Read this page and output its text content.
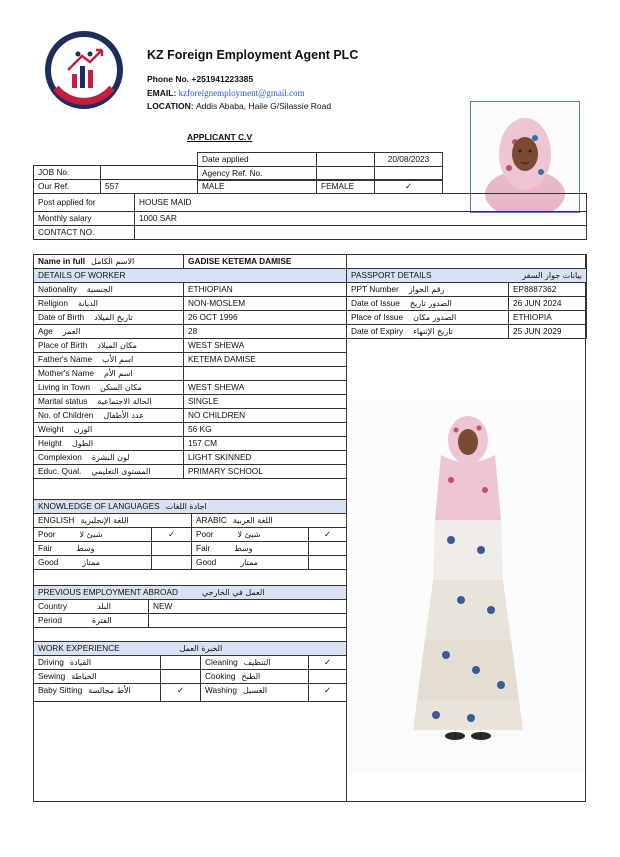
KZ Foreign Employment Agent PLC
Phone No. +251941223385
EMAIL: kzforeignemployment@gmail.com
LOCATION: Addis Ababa, Haile G/Silassie Road
APPLICANT C.V
Date applied		20/08/2023
Agency Ref. No.		
JOB No.				
Our Ref.	557	MALE	FEMALE	✓
Post applied for	HOUSE MAID
Monthly salary	1000 SAR
CONTACT NO.	
Name in full الاسم الكامل	GADISE KETEMA DAMISE
DETAILS OF WORKER	
Nationality الجنسية	ETHIOPIAN
Religion الديانة	NON-MOSLEM
Date of Birth تاريخ الميلاد	26 OCT 1996
Age العمر	28
Place of Birth مكان الميلاد	WEST SHEWA
Father's Name اسم الأب	KETEMA DAMISE
Mother's Name اسم الأم	
Living in Town مكان السكن	WEST SHEWA
Marital status الحالة الاجتماعية	SINGLE
No. of Children عدد الأطفال	NO CHILDREN
Weight الوزن	56 KG
Height الطول	157 CM
Complexion لون البشرة	LIGHT SKINNED
Educ. Qual. المستوى التعليمي	PRIMARY SCHOOL
PASSPORT DETAILS بيانات جواز السفر	

PPT Number رقم الجواز	EP8887362
Date of Issue الصدور تاريخ	26 JUN 2024
Place of Issue الصدور مكان	ETHIOPIA
Date of Expiry تاريخ الإنتهاء	25 JUN 2029
KNOWLEDGE OF LANGUAGES اجادة اللغات			
ENGLISH اللغة الإنجليزية		ARABIC اللغة العربية	
Poor شيئ لا	✓	Poor شيئ لا	✓
Fair وسط		Fair وسط	
Good ممتاز		Good ممتاز	
PREVIOUS EMPLOYMENT ABROAD العمل في الخارجي	
Country البلد	NEW
Period الفترة	
WORK EXPERIENCE الخبرة العمل			
Driving القيادة		Cleaning التنظيف	✓
Sewing الخياطة		Cooking الطبخ	
Baby Sitting الأط مجالسة	✓	Washing الغسيل	✓
